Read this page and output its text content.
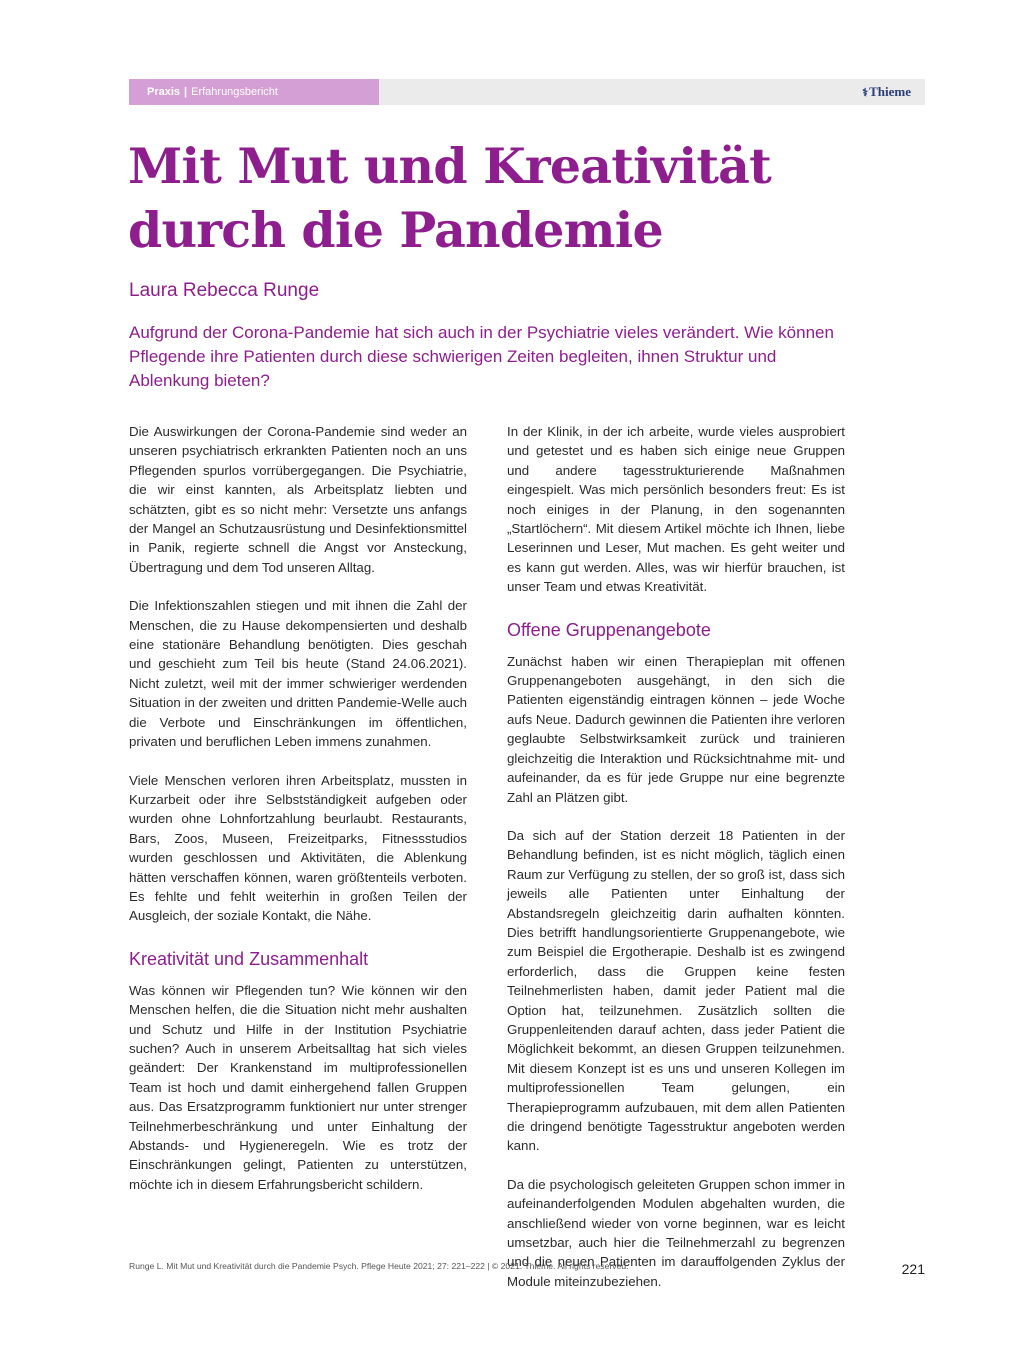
Praxis | Erfahrungsbericht	⚕Thieme
Mit Mut und Kreativität durch die Pandemie

Laura Rebecca Runge

Aufgrund der Corona-Pandemie hat sich auch in der Psychiatrie vieles verändert. Wie können Pflegende ihre Patienten durch diese schwierigen Zeiten begleiten, ihnen Struktur und Ablenkung bieten?

Die Auswirkungen der Corona-Pandemie sind weder an unseren psychiatrisch erkrankten Patienten noch an uns Pflegenden spurlos vorrübergegangen. Die Psychiatrie, die wir einst kannten, als Arbeitsplatz liebten und schätzten, gibt es so nicht mehr: Versetzte uns anfangs der Mangel an Schutzausrüstung und Desinfektionsmittel in Panik, regierte schnell die Angst vor Ansteckung, Übertragung und dem Tod unseren Alltag.

Die Infektionszahlen stiegen und mit ihnen die Zahl der Menschen, die zu Hause dekompensierten und deshalb eine stationäre Behandlung benötigten. Dies geschah und geschieht zum Teil bis heute (Stand 24.06.2021). Nicht zuletzt, weil mit der immer schwieriger werdenden Situation in der zweiten und dritten Pandemie-Welle auch die Verbote und Einschränkungen im öffentlichen, privaten und beruflichen Leben immens zunahmen.

Viele Menschen verloren ihren Arbeitsplatz, mussten in Kurzarbeit oder ihre Selbstständigkeit aufgeben oder wurden ohne Lohnfortzahlung beurlaubt. Restaurants, Bars, Zoos, Museen, Freizeitparks, Fitnessstudios wurden geschlossen und Aktivitäten, die Ablenkung hätten verschaffen können, waren größtenteils verboten. Es fehlte und fehlt weiterhin in großen Teilen der Ausgleich, der soziale Kontakt, die Nähe.

Kreativität und Zusammenhalt

Was können wir Pflegenden tun? Wie können wir den Menschen helfen, die die Situation nicht mehr aushalten und Schutz und Hilfe in der Institution Psychiatrie suchen? Auch in unserem Arbeitsalltag hat sich vieles geändert: Der Krankenstand im multiprofessionellen Team ist hoch und damit einhergehend fallen Gruppen aus. Das Ersatzprogramm funktioniert nur unter strenger Teilnehmerbeschränkung und unter Einhaltung der Abstands- und Hygieneregeln. Wie es trotz der Einschränkungen gelingt, Patienten zu unterstützen, möchte ich in diesem Erfahrungsbericht schildern.

In der Klinik, in der ich arbeite, wurde vieles ausprobiert und getestet und es haben sich einige neue Gruppen und andere tagesstrukturierende Maßnahmen eingespielt. Was mich persönlich besonders freut: Es ist noch einiges in der Planung, in den sogenannten „Startlöchern“. Mit diesem Artikel möchte ich Ihnen, liebe Leserinnen und Leser, Mut machen. Es geht weiter und es kann gut werden. Alles, was wir hierfür brauchen, ist unser Team und etwas Kreativität.

Offene Gruppenangebote

Zunächst haben wir einen Therapieplan mit offenen Gruppenangeboten ausgehängt, in den sich die Patienten eigenständig eintragen können – jede Woche aufs Neue. Dadurch gewinnen die Patienten ihre verloren geglaubte Selbstwirksamkeit zurück und trainieren gleichzeitig die Interaktion und Rücksichtnahme mit- und aufeinander, da es für jede Gruppe nur eine begrenzte Zahl an Plätzen gibt.

Da sich auf der Station derzeit 18 Patienten in der Behandlung befinden, ist es nicht möglich, täglich einen Raum zur Verfügung zu stellen, der so groß ist, dass sich jeweils alle Patienten unter Einhaltung der Abstandsregeln gleichzeitig darin aufhalten könnten. Dies betrifft handlungsorientierte Gruppenangebote, wie zum Beispiel die Ergotherapie. Deshalb ist es zwingend erforderlich, dass die Gruppen keine festen Teilnehmerlisten haben, damit jeder Patient mal die Option hat, teilzunehmen. Zusätzlich sollten die Gruppenleitenden darauf achten, dass jeder Patient die Möglichkeit bekommt, an diesen Gruppen teilzunehmen. Mit diesem Konzept ist es uns und unseren Kollegen im multiprofessionellen Team gelungen, ein Therapieprogramm aufzubauen, mit dem allen Patienten die dringend benötigte Tagesstruktur angeboten werden kann.

Da die psychologisch geleiteten Gruppen schon immer in aufeinanderfolgenden Modulen abgehalten wurden, die anschließend wieder von vorne beginnen, war es leicht umsetzbar, auch hier die Teilnehmerzahl zu begrenzen und die neuen Patienten im darauffolgenden Zyklus der Module miteinzubeziehen.

Runge L. Mit Mut und Kreativität durch die Pandemie Psych. Pflege Heute 2021; 27: 221–222 | © 2021. Thieme. All rights reserved.	221
